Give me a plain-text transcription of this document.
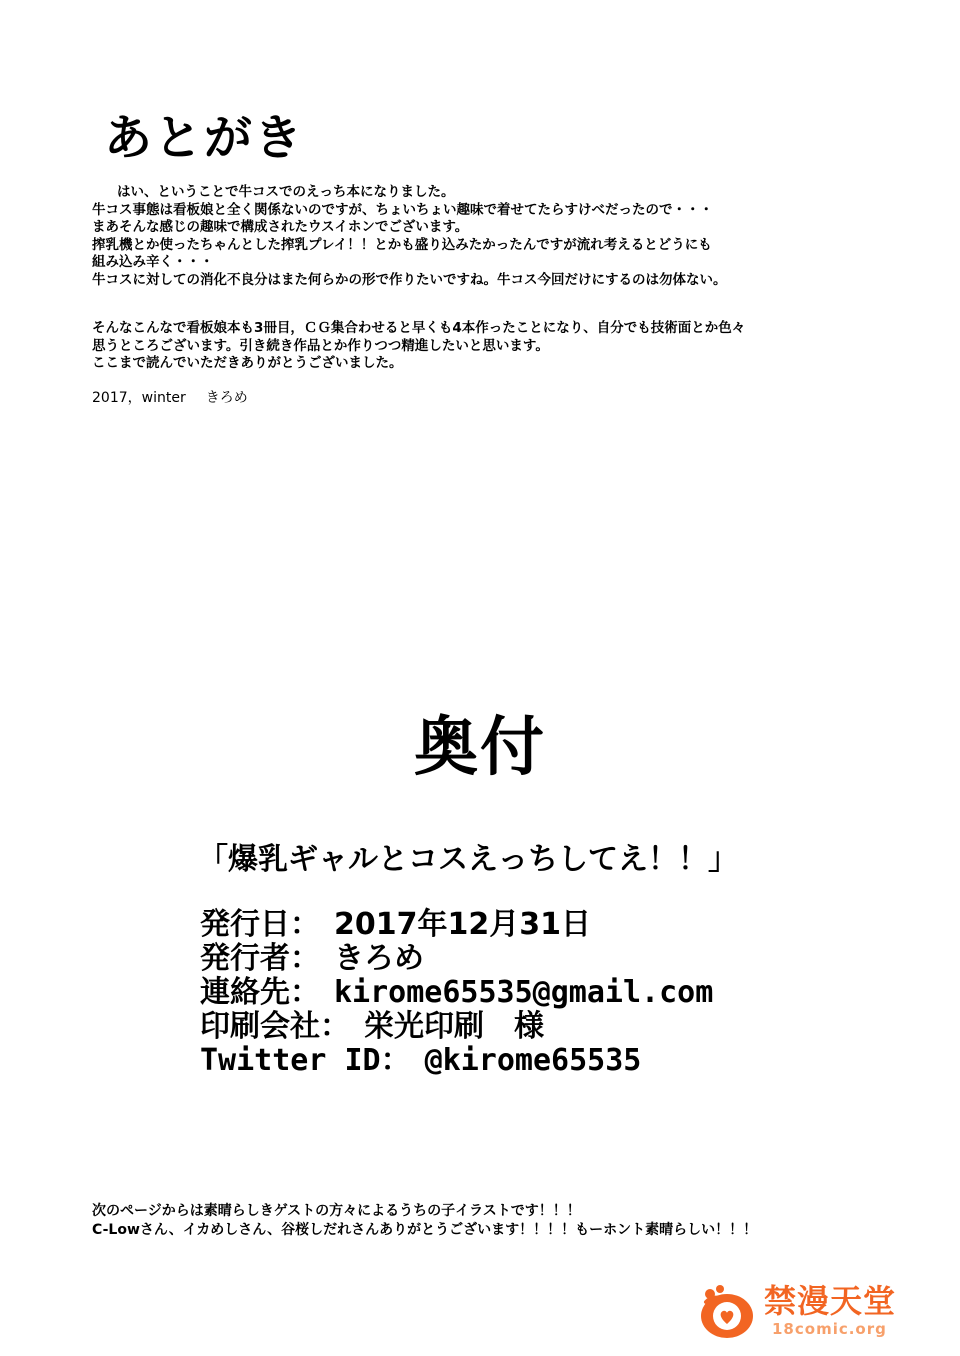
あとがき
はい、ということで牛コスでのえっち本になりました。
牛コス事態は看板娘と全く関係ないのですが、ちょいちょい趣味で着せてたらすけべだったので・・・
まあそんな感じの趣味で構成されたウスイホンでございます。
搾乳機とか使ったちゃんとした搾乳プレイ！！とかも盛り込みたかったんですが流れ考えるとどうにも
組み込み辛く・・・
牛コスに対しての消化不良分はまた何らかの形で作りたいですね。牛コス今回だけにするのは勿体ない。
そんなこんなで看板娘本も3冊目，ＣＧ集合わせると早くも4本作ったことになり、自分でも技術面とか色々
思うところございます。引き続き作品とか作りつつ精進したいと思います。
ここまで読んでいただきありがとうございました。
2017，winter きろめ
奥付
「爆乳ギャルとコスえっちしてえ！！」
発行日： 2017年12月31日
発行者： きろめ
連絡先： kirome65535@gmail.com
印刷会社： 栄光印刷　様
Twitter ID： @kirome65535
次のページからは素晴らしきゲストの方々によるうちの子イラストです！！！
C-Lowさん、イカめしさん、谷桜しだれさんありがとうございます！！！！もーホント素晴らしい！！！
禁漫天堂
18comic.org
